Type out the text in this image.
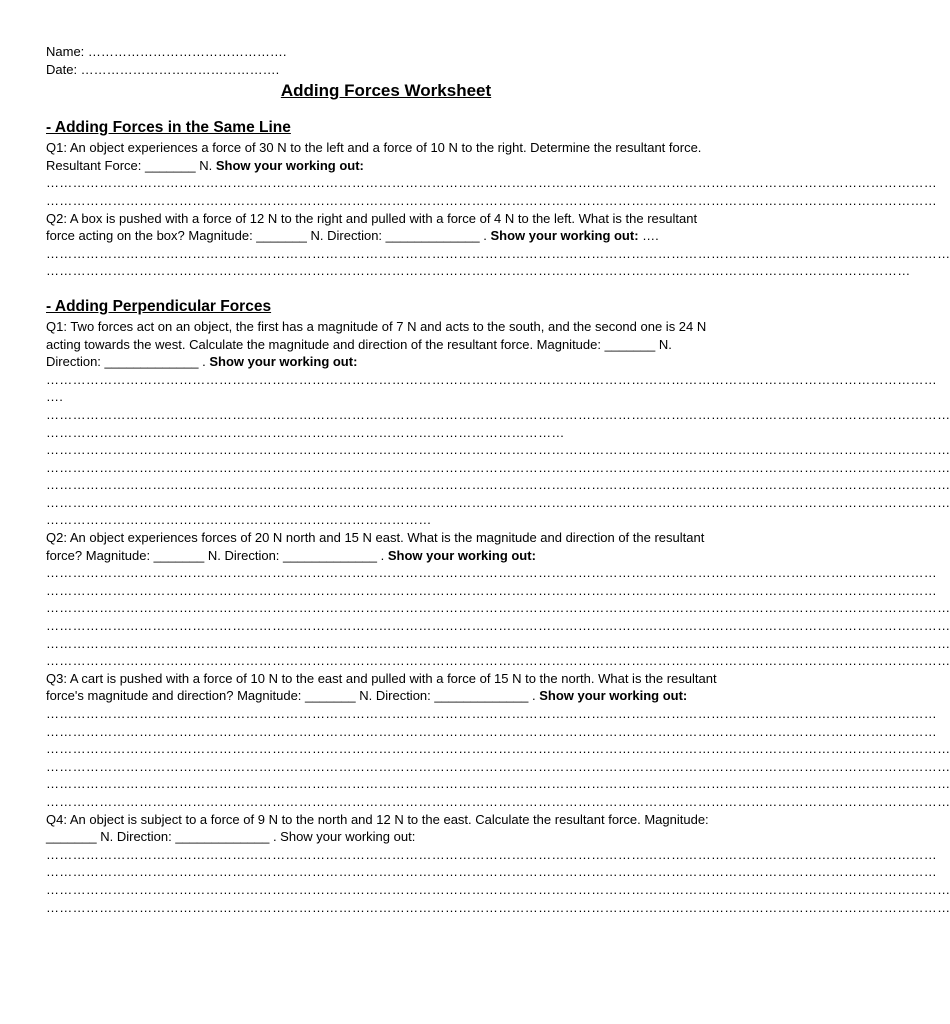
Name: ……………………………………….
Date: ……………………………………….
Adding Forces Worksheet
- Adding Forces in the Same Line
Q1: An object experiences a force of 30 N to the left and a force of 10 N to the right. Determine the resultant force. Resultant Force: _______ N. Show your working out:
…………………………………………………………………………………………………………………………………………………………………………………
…………………………………………………………………………………………………………………………………………………………………………………
Q2: A box is pushed with a force of 12 N to the right and pulled with a force of 4 N to the left. What is the resultant force acting on the box? Magnitude: _______ N. Direction: _____________ . Show your working out: ….
……………………………………………………………………………………………………………………………………………………………………………………
……………………………………………………………………………………………………………………………………………………………………………
- Adding Perpendicular Forces
Q1: Two forces act on an object, the first has a magnitude of 7 N and acts to the south, and the second one is 24 N acting towards the west. Calculate the magnitude and direction of the resultant force. Magnitude: _______ N. Direction: _____________ . Show your working out:
…………………………………………………………………………………………………………………………………………………………………………………
….
……………………………………………………………………………………………………………………………………………………………………………………
………………………………………………………………………………………………………
……………………………………………………………………………………………………………………………………………………………………………………
……………………………………………………………………………………………………………………………………………………………………………………
……………………………………………………………………………………………………………………………………………………………………………………
……………………………………………………………………………………………………………………………………………………………………………………
……………………………………………………………………………
Q2: An object experiences forces of 20 N north and 15 N east. What is the magnitude and direction of the resultant force? Magnitude: _______ N. Direction: _____________ . Show your working out:
…………………………………………………………………………………………………………………………………………………………………………………
…………………………………………………………………………………………………………………………………………………………………………………
……………………………………………………………………………………………………………………………………………………………………………………
……………………………………………………………………………………………………………………………………………………………………………………
……………………………………………………………………………………………………………………………………………………………………………………
……………………………………………………………………………………………………………………………………………………………………………………
Q3: A cart is pushed with a force of 10 N to the east and pulled with a force of 15 N to the north. What is the resultant force's magnitude and direction? Magnitude: _______ N. Direction: _____________ . Show your working out:
…………………………………………………………………………………………………………………………………………………………………………………
…………………………………………………………………………………………………………………………………………………………………………………
……………………………………………………………………………………………………………………………………………………………………………………
……………………………………………………………………………………………………………………………………………………………………………………
……………………………………………………………………………………………………………………………………………………………………………………
……………………………………………………………………………………………………………………………………………………………………………………
Q4: An object is subject to a force of 9 N to the north and 12 N to the east. Calculate the resultant force. Magnitude: _______ N. Direction: _____________ . Show your working out:
…………………………………………………………………………………………………………………………………………………………………………………
…………………………………………………………………………………………………………………………………………………………………………………
……………………………………………………………………………………………………………………………………………………………………………………
……………………………………………………………………………………………………………………………………………………………………………………
